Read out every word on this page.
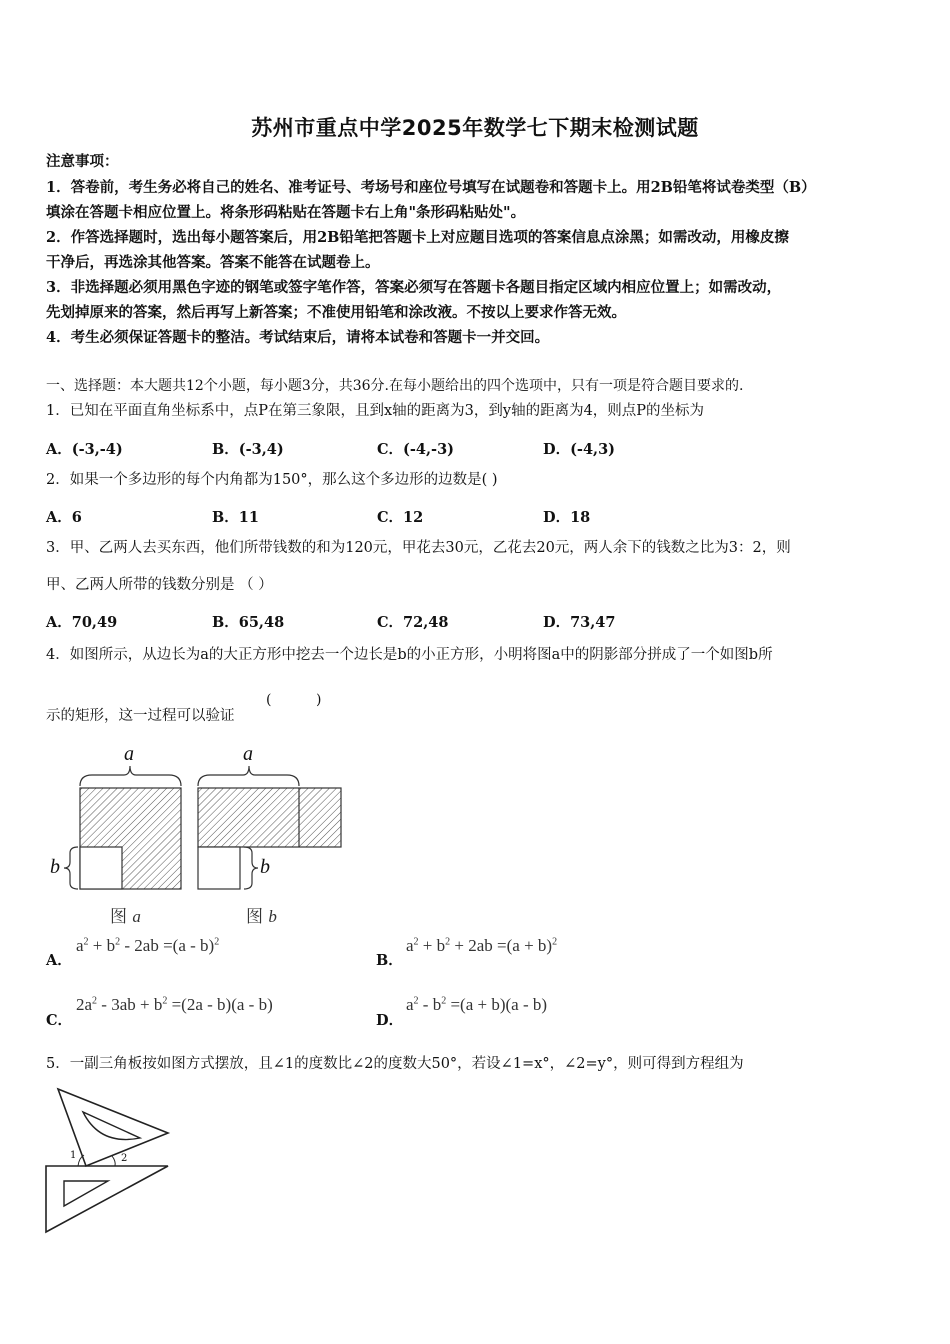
苏州市重点中学2025年数学七下期末检测试题
注意事项：
1．答卷前，考生务必将自己的姓名、准考证号、考场号和座位号填写在试题卷和答题卡上。用2B铅笔将试卷类型（B）
填涂在答题卡相应位置上。将条形码粘贴在答题卡右上角"条形码粘贴处"。
2．作答选择题时，选出每小题答案后，用2B铅笔把答题卡上对应题目选项的答案信息点涂黑；如需改动，用橡皮擦
干净后，再选涂其他答案。答案不能答在试题卷上。
3．非选择题必须用黑色字迹的钢笔或签字笔作答，答案必须写在答题卡各题目指定区域内相应位置上；如需改动，
先划掉原来的答案，然后再写上新答案；不准使用铅笔和涂改液。不按以上要求作答无效。
4．考生必须保证答题卡的整洁。考试结束后，请将本试卷和答题卡一并交回。
一、选择题：本大题共12个小题，每小题3分，共36分.在每小题给出的四个选项中，只有一项是符合题目要求的.
1．已知在平面直角坐标系中，点P在第三象限，且到x轴的距离为3，到y轴的距离为4，则点P的坐标为
A．(-3,-4)	B．(-3,4)	C．(-4,-3)	D．(-4,3)
2．如果一个多边形的每个内角都为150°，那么这个多边形的边数是( )
A．6	B．11	C．12	D．18
3．甲、乙两人去买东西，他们所带钱数的和为120元，甲花去30元，乙花去20元，两人余下的钱数之比为3：2，则
甲、乙两人所带的钱数分别是 （ ）
A．70,49	B．65,48	C．72,48	D．73,47
4．如图所示，从边长为a的大正方形中挖去一个边长是b的小正方形，小明将图a中的阴影部分拼成了一个如图b所
示的矩形，这一过程可以验证
(          )
a	a
b	b
图 a	图 b
A．
$a^2 + b^2 - 2ab =(a - b)^2$
B．
$a^2 + b^2 + 2ab =(a + b)^2$
C．
$2a^2 - 3ab + b^2 =(2a - b)(a - b)$
D．
$a^2 - b^2 =(a + b)(a - b)$
5．一副三角板按如图方式摆放，且∠1的度数比∠2的度数大50°，若设∠1=x°，∠2=y°，则可得到方程组为
1	2
